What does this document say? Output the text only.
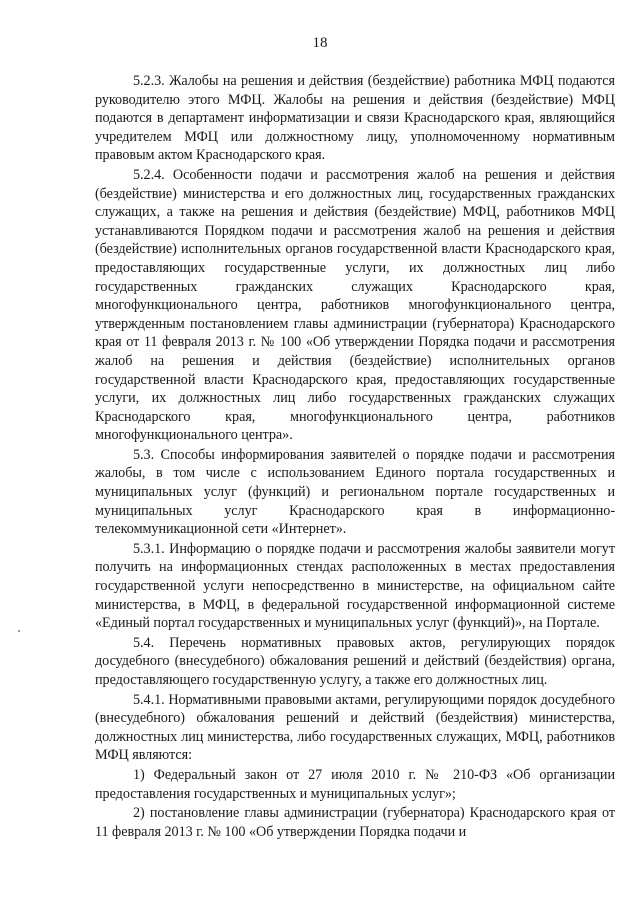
18

5.2.3. Жалобы на решения и действия (бездействие) работника МФЦ подаются руководителю этого МФЦ. Жалобы на решения и действия (бездействие) МФЦ подаются в департамент информатизации и связи Краснодарского края, являющийся учредителем МФЦ или должностному лицу, уполномоченному нормативным правовым актом Краснодарского края.

5.2.4. Особенности подачи и рассмотрения жалоб на решения и действия (бездействие) министерства и его должностных лиц, государственных гражданских служащих, а также на решения и действия (бездействие) МФЦ, работников МФЦ устанавливаются Порядком подачи и рассмотрения жалоб на решения и действия (бездействие) исполнительных органов государственной власти Краснодарского края, предоставляющих государственные услуги, их должностных лиц либо государственных гражданских служащих Краснодарского края, многофункционального центра, работников многофункционального центра, утвержденным постановлением главы администрации (губернатора) Краснодарского края от 11 февраля 2013 г. № 100 «Об утверждении Порядка подачи и рассмотрения жалоб на решения и действия (бездействие) исполнительных органов государственной власти Краснодарского края, предоставляющих государственные услуги, их должностных лиц либо государственных гражданских служащих Краснодарского края, многофункционального центра, работников многофункционального центра».

5.3. Способы информирования заявителей о порядке подачи и рассмотрения жалобы, в том числе с использованием Единого портала государственных и муниципальных услуг (функций) и региональном портале государственных и муниципальных услуг Краснодарского края в информационно-телекоммуникационной сети «Интернет».

5.3.1. Информацию о порядке подачи и рассмотрения жалобы заявители могут получить на информационных стендах расположенных в местах предоставления государственной услуги непосредственно в министерстве, на официальном сайте министерства, в МФЦ, в федеральной государственной информационной системе «Единый портал государственных и муниципальных услуг (функций)», на Портале.

5.4. Перечень нормативных правовых актов, регулирующих порядок досудебного (внесудебного) обжалования решений и действий (бездействия) органа, предоставляющего государственную услугу, а также его должностных лиц.

5.4.1. Нормативными правовыми актами, регулирующими порядок досудебного (внесудебного) обжалования решений и действий (бездействия) министерства, должностных лиц министерства, либо государственных служащих, МФЦ, работников МФЦ являются:

1) Федеральный закон от 27 июля 2010 г. № 210-ФЗ «Об организации предоставления государственных и муниципальных услуг»;

2) постановление главы администрации (губернатора) Краснодарского края от 11 февраля 2013 г. № 100 «Об утверждении Порядка подачи и
